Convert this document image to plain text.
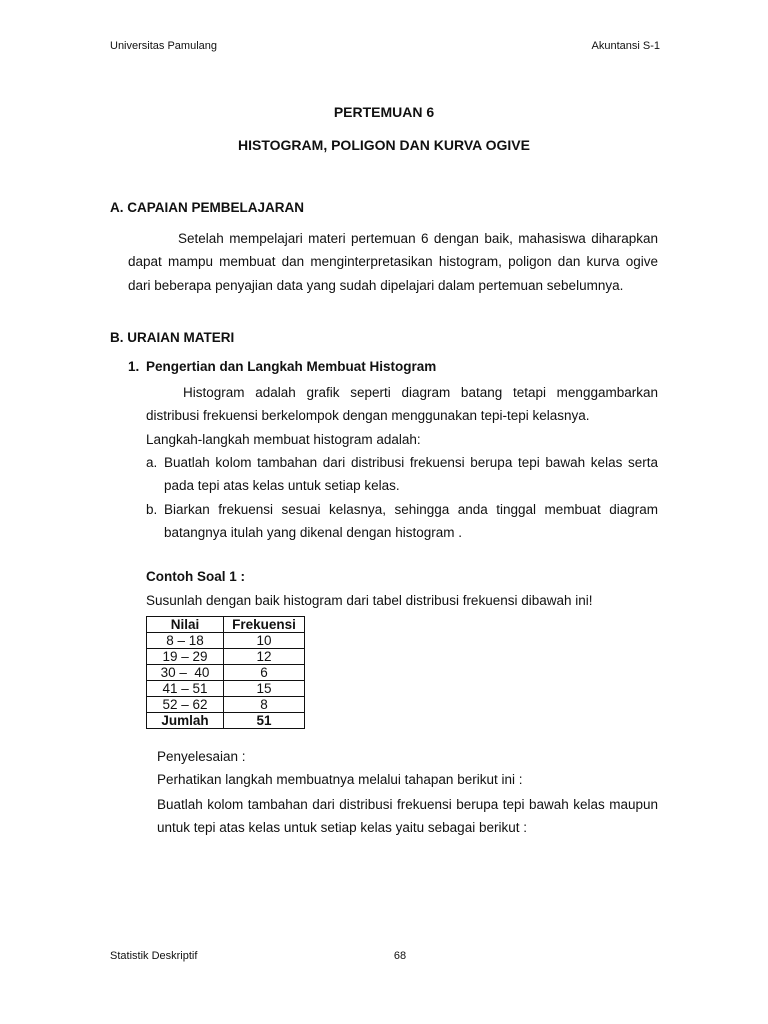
Universitas Pamulang	Akuntansi S-1
PERTEMUAN 6
HISTOGRAM, POLIGON DAN KURVA OGIVE
A. CAPAIAN PEMBELAJARAN

Setelah mempelajari materi pertemuan 6 dengan baik, mahasiswa diharapkan dapat mampu membuat dan menginterpretasikan histogram, poligon dan kurva ogive dari beberapa penyajian data yang sudah dipelajari dalam pertemuan sebelumnya.

B. URAIAN MATERI
1. Pengertian dan Langkah Membuat Histogram

Histogram adalah grafik seperti diagram batang tetapi menggambarkan distribusi frekuensi berkelompok dengan menggunakan tepi-tepi kelasnya.

Langkah-langkah membuat histogram adalah:
a. Buatlah kolom tambahan dari distribusi frekuensi berupa tepi bawah kelas serta pada tepi atas kelas untuk setiap kelas.
b. Biarkan frekuensi sesuai kelasnya, sehingga anda tinggal membuat diagram batangnya itulah yang dikenal dengan histogram .
Contoh Soal 1 :
Susunlah dengan baik histogram dari tabel distribusi frekuensi dibawah ini!
Nilai	Frekuensi
8 – 18	10
19 – 29	12
30 –  40	6
41 – 51	15
52 – 62	8
Jumlah	51
Penyelesaian :
Perhatikan langkah membuatnya melalui tahapan berikut ini :

Buatlah kolom tambahan dari distribusi frekuensi berupa tepi bawah kelas maupun untuk tepi atas kelas untuk setiap kelas yaitu sebagai berikut :

Statistik Deskriptif	68
